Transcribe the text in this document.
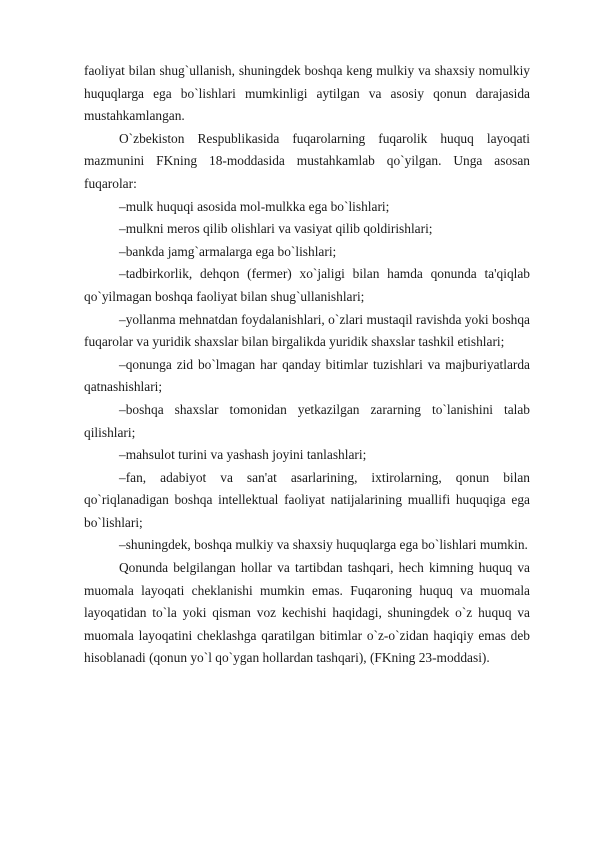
faoliyat bilan shug`ullanish, shuningdek boshqa keng mulkiy va shaxsiy nomulkiy huquqlarga ega bo`lishlari mumkinligi aytilgan va asosiy qonun darajasida mustahkamlangan.

O`zbekiston Respublikasida fuqarolarning fuqarolik huquq layoqati mazmunini FKning 18-moddasida mustahkamlab qo`yilgan. Unga asosan fuqarolar:

–mulk huquqi asosida mol-mulkka ega bo`lishlari;

–mulkni meros qilib olishlari va vasiyat qilib qoldirishlari;

–bankda jamg`armalarga ega bo`lishlari;

–tadbirkorlik, dehqon (fermer) xo`jaligi bilan hamda qonunda ta'qiqlab qo`yilmagan boshqa faoliyat bilan shug`ullanishlari;

–yollanma mehnatdan foydalanishlari, o`zlari mustaqil ravishda yoki boshqa fuqarolar va yuridik shaxslar bilan birgalikda yuridik shaxslar tashkil etishlari;

–qonunga zid bo`lmagan har qanday bitimlar tuzishlari va majburiyatlarda qatnashishlari;

–boshqa shaxslar tomonidan yetkazilgan zararning to`lanishini talab qilishlari;

–mahsulot turini va yashash joyini tanlashlari;

–fan, adabiyot va san'at asarlarining, ixtirolarning, qonun bilan qo`riqlanadigan boshqa intellektual faoliyat natijalarining muallifi huquqiga ega bo`lishlari;

–shuningdek, boshqa mulkiy va shaxsiy huquqlarga ega bo`lishlari mumkin.

Qonunda belgilangan hollar va tartibdan tashqari, hech kimning huquq va muomala layoqati cheklanishi mumkin emas. Fuqaroning huquq va muomala layoqatidan to`la yoki qisman voz kechishi haqidagi, shuningdek o`z huquq va muomala layoqatini cheklashga qaratilgan bitimlar o`z-o`zidan haqiqiy emas deb hisoblanadi (qonun yo`l qo`ygan hollardan tashqari), (FKning 23-moddasi).
